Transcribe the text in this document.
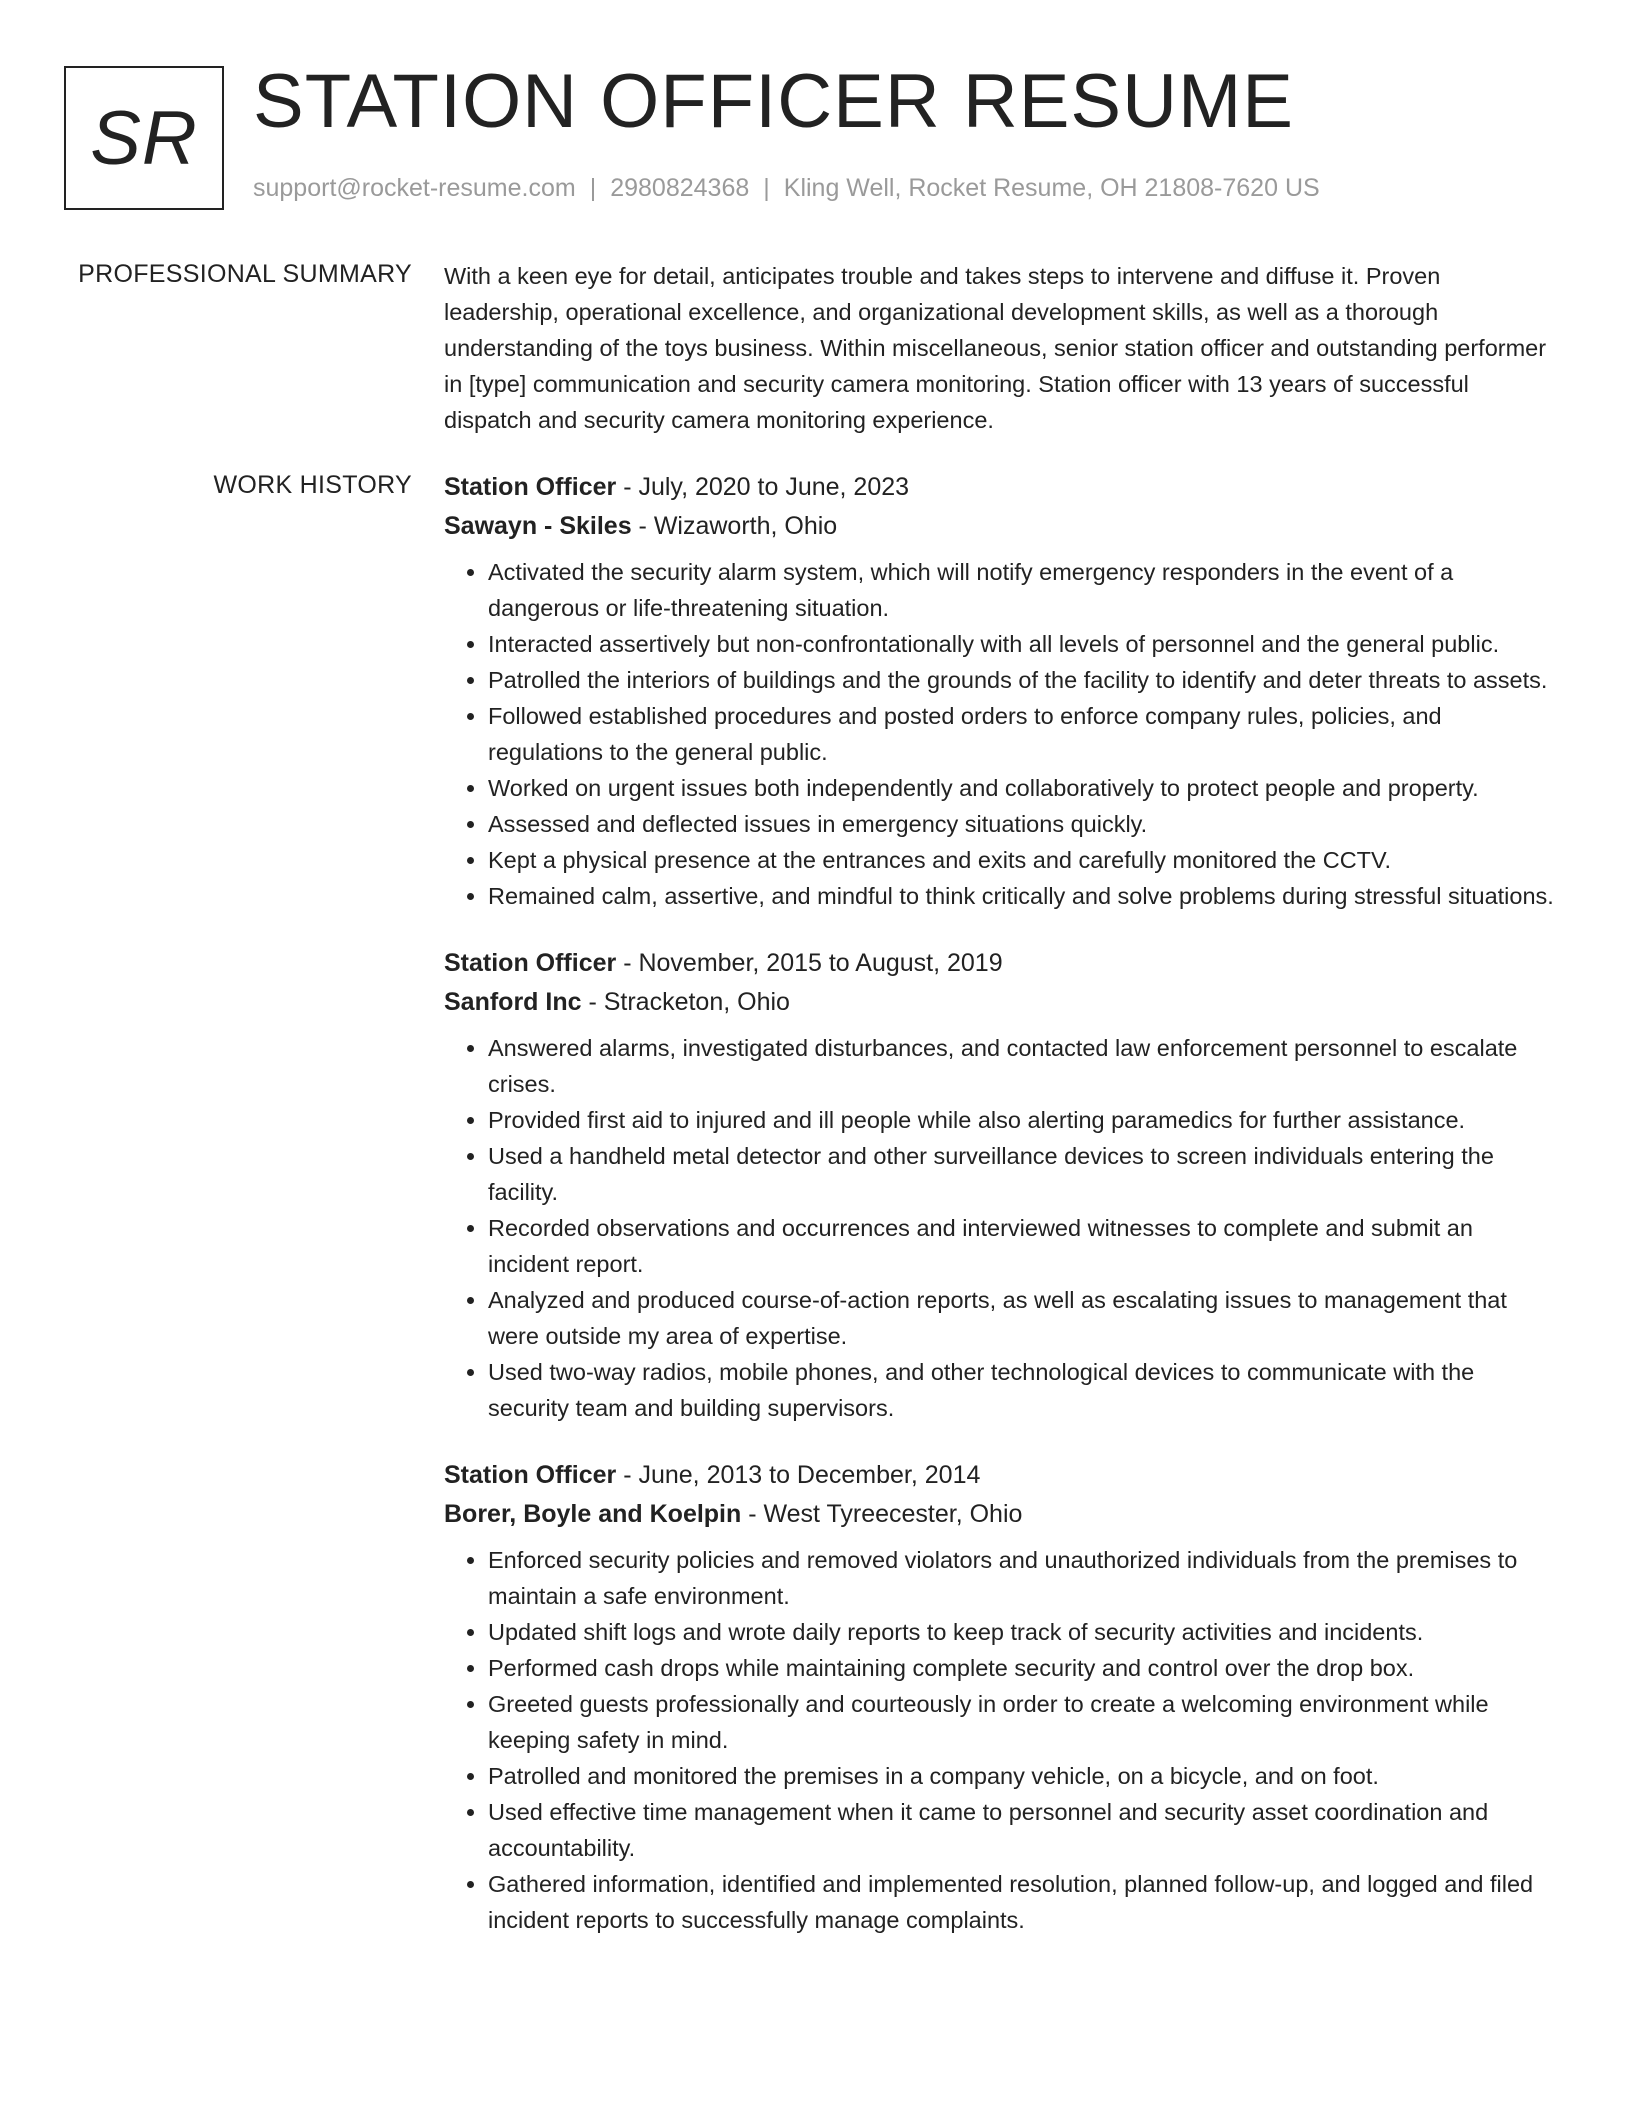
SR STATION OFFICER RESUME
support@rocket-resume.com | 2980824368 | Kling Well, Rocket Resume, OH 21808-7620 US
PROFESSIONAL SUMMARY With a keen eye for detail, anticipates trouble and takes steps to intervene and diffuse it. Proven leadership, operational excellence, and organizational development skills, as well as a thorough understanding of the toys business. Within miscellaneous, senior station officer and outstanding performer in [type] communication and security camera monitoring. Station officer with 13 years of successful dispatch and security camera monitoring experience.
WORK HISTORY Station Officer - July, 2020 to June, 2023
Sawayn - Skiles - Wizaworth, Ohio
• Activated the security alarm system, which will notify emergency responders in the event of a dangerous or life-threatening situation.
• Interacted assertively but non-confrontationally with all levels of personnel and the general public.
• Patrolled the interiors of buildings and the grounds of the facility to identify and deter threats to assets.
• Followed established procedures and posted orders to enforce company rules, policies, and regulations to the general public.
• Worked on urgent issues both independently and collaboratively to protect people and property.
• Assessed and deflected issues in emergency situations quickly.
• Kept a physical presence at the entrances and exits and carefully monitored the CCTV.
• Remained calm, assertive, and mindful to think critically and solve problems during stressful situations.
Station Officer - November, 2015 to August, 2019
Sanford Inc - Stracketon, Ohio
• Answered alarms, investigated disturbances, and contacted law enforcement personnel to escalate crises.
• Provided first aid to injured and ill people while also alerting paramedics for further assistance.
• Used a handheld metal detector and other surveillance devices to screen individuals entering the facility.
• Recorded observations and occurrences and interviewed witnesses to complete and submit an incident report.
• Analyzed and produced course-of-action reports, as well as escalating issues to management that were outside my area of expertise.
• Used two-way radios, mobile phones, and other technological devices to communicate with the security team and building supervisors.
Station Officer - June, 2013 to December, 2014
Borer, Boyle and Koelpin - West Tyreecester, Ohio
• Enforced security policies and removed violators and unauthorized individuals from the premises to maintain a safe environment.
• Updated shift logs and wrote daily reports to keep track of security activities and incidents.
• Performed cash drops while maintaining complete security and control over the drop box.
• Greeted guests professionally and courteously in order to create a welcoming environment while keeping safety in mind.
• Patrolled and monitored the premises in a company vehicle, on a bicycle, and on foot.
• Used effective time management when it came to personnel and security asset coordination and accountability.
• Gathered information, identified and implemented resolution, planned follow-up, and logged and filed incident reports to successfully manage complaints.
